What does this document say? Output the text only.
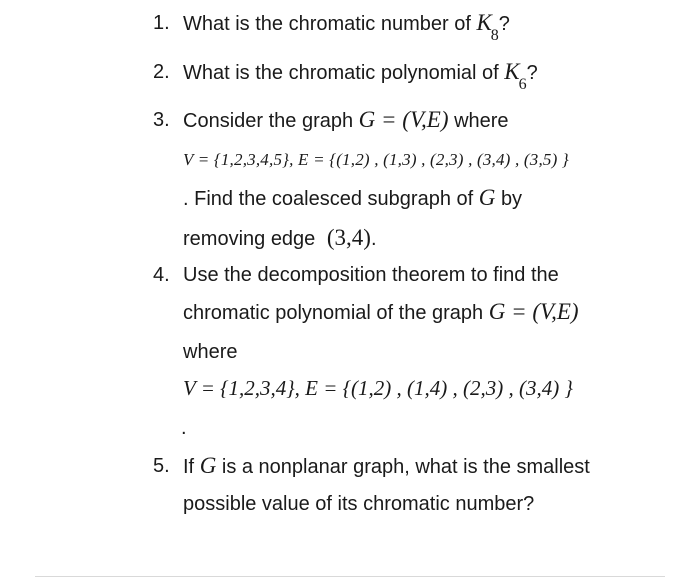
1. What is the chromatic number of $K_8$?
2. What is the chromatic polynomial of $K_6$?
3. Consider the graph G = (V,E) where
V = {1,2,3,4,5}, E = {(1,2) , (1,3) , (2,3) , (3,4) , (3,5) }
. Find the coalesced subgraph of G by
removing edge (3,4).
4. Use the decomposition theorem to find the
chromatic polynomial of the graph G = (V,E)
where
V = {1,2,3,4}, E = {(1,2) , (1,4) , (2,3) , (3,4) }
.
5. If G is a nonplanar graph, what is the smallest
possible value of its chromatic number?
